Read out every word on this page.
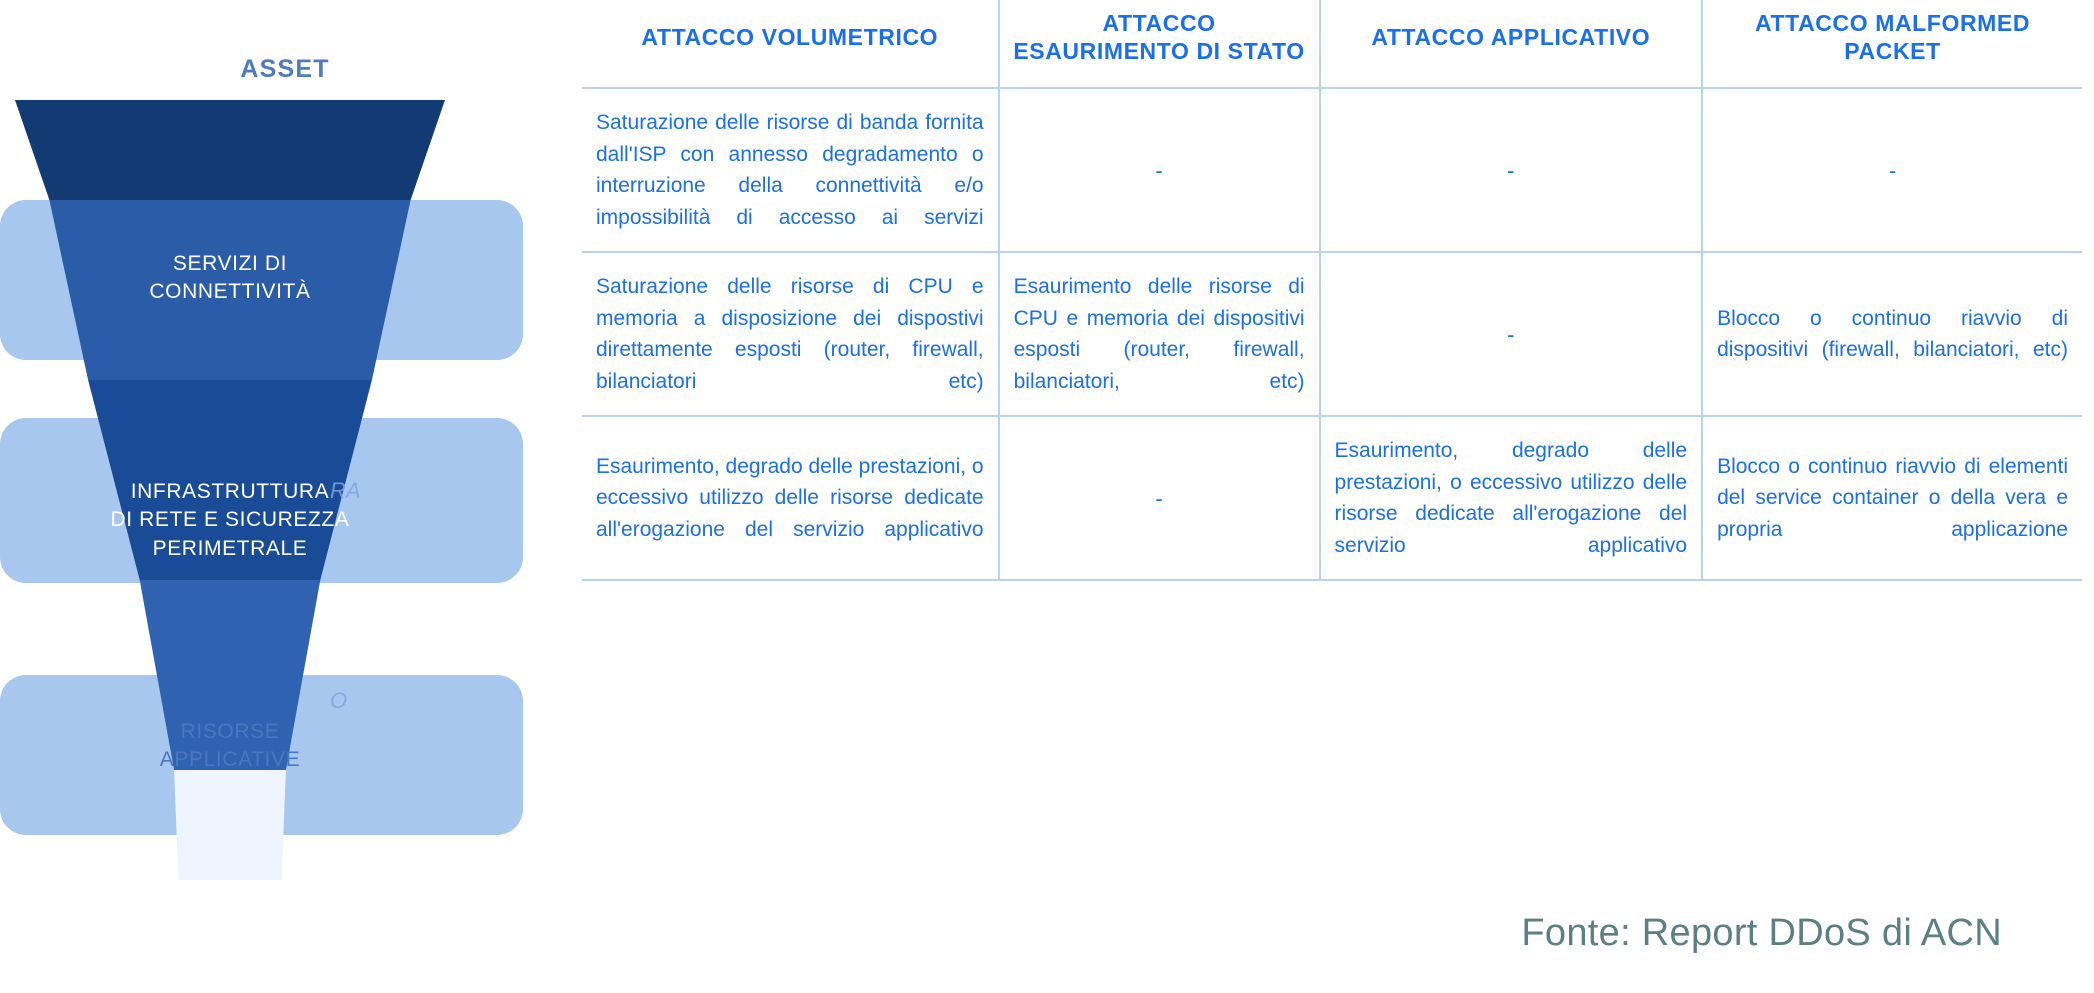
ASSET
RA
O
SERVIZI DI
CONNETTIVITÀ
INFRASTRUTTURA
DI RETE E SICUREZZA
PERIMETRALE
RISORSE
APPLICATIVE
ATTACCO VOLUMETRICO	ATTACCO ESAURIMENTO DI STATO	ATTACCO APPLICATIVO	ATTACCO MALFORMED PACKET
Saturazione delle risorse di banda fornita dall'ISP con annesso degradamento o interruzione della connettività e/o impossibilità di accesso ai servizi	-	-	-
Saturazione delle risorse di CPU e memoria a disposizione dei dispostivi direttamente esposti (router, firewall, bilanciatori etc)	Esaurimento delle risorse di CPU e memoria dei dispositivi esposti (router, firewall, bilanciatori, etc)	-	Blocco o continuo riavvio di dispositivi (firewall, bilanciatori, etc)
Esaurimento, degrado delle prestazioni, o eccessivo utilizzo delle risorse dedicate all'erogazione del servizio applicativo	-	Esaurimento, degrado delle prestazioni, o eccessivo utilizzo delle risorse dedicate all'erogazione del servizio applicativo	Blocco o continuo riavvio di elementi del service container o della vera e propria applicazione
Fonte: Report DDoS di ACN
